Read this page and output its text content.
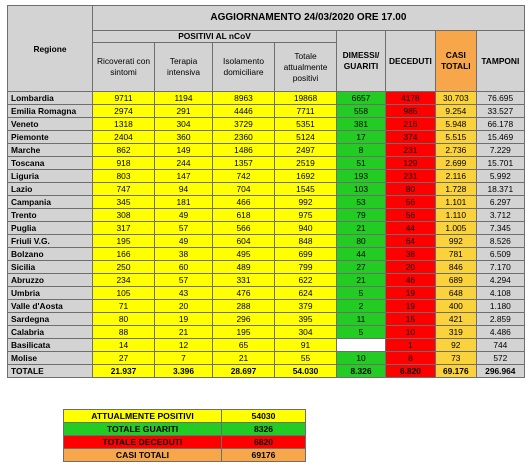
Regione	AGGIORNAMENTO 24/03/2020 ORE 17.00							
	POSITIVI AL nCoV				DIMESSI/ GUARITI	DECEDUTI	CASI TOTALI	TAMPONI
	Ricoverati con sintomi	Terapia intensiva	Isolamento domiciliare	Totale attualmente positivi				
Lombardia	9711	1194	8963	19868	6657	4178	30.703	76.695
Emilia Romagna	2974	291	4446	7711	558	985	9.254	33.527
Veneto	1318	304	3729	5351	381	216	5.948	66.178
Piemonte	2404	360	2360	5124	17	374	5.515	15.469
Marche	862	149	1486	2497	8	231	2.736	7.229
Toscana	918	244	1357	2519	51	129	2.699	15.701
Liguria	803	147	742	1692	193	231	2.116	5.992
Lazio	747	94	704	1545	103	80	1.728	18.371
Campania	345	181	466	992	53	56	1.101	6.297
Trento	308	49	618	975	79	56	1.110	3.712
Puglia	317	57	566	940	21	44	1.005	7.345
Friuli V.G.	195	49	604	848	80	64	992	8.526
Bolzano	166	38	495	699	44	38	781	6.509
Sicilia	250	60	489	799	27	20	846	7.170
Abruzzo	234	57	331	622	21	46	689	4.294
Umbria	105	43	476	624	5	19	648	4.108
Valle d'Aosta	71	20	288	379	2	19	400	1.180
Sardegna	80	19	296	395	11	15	421	2.859
Calabria	88	21	195	304	5	10	319	4.486
Basilicata	14	12	65	91		1	92	744
Molise	27	7	21	55	10	8	73	572
TOTALE	21.937	3.396	28.697	54.030	8.326	6.820	69.176	296.964
ATTUALMENTE POSITIVI	54030
TOTALE GUARITI	8326
TOTALE DECEDUTI	6820
CASI TOTALI	69176
